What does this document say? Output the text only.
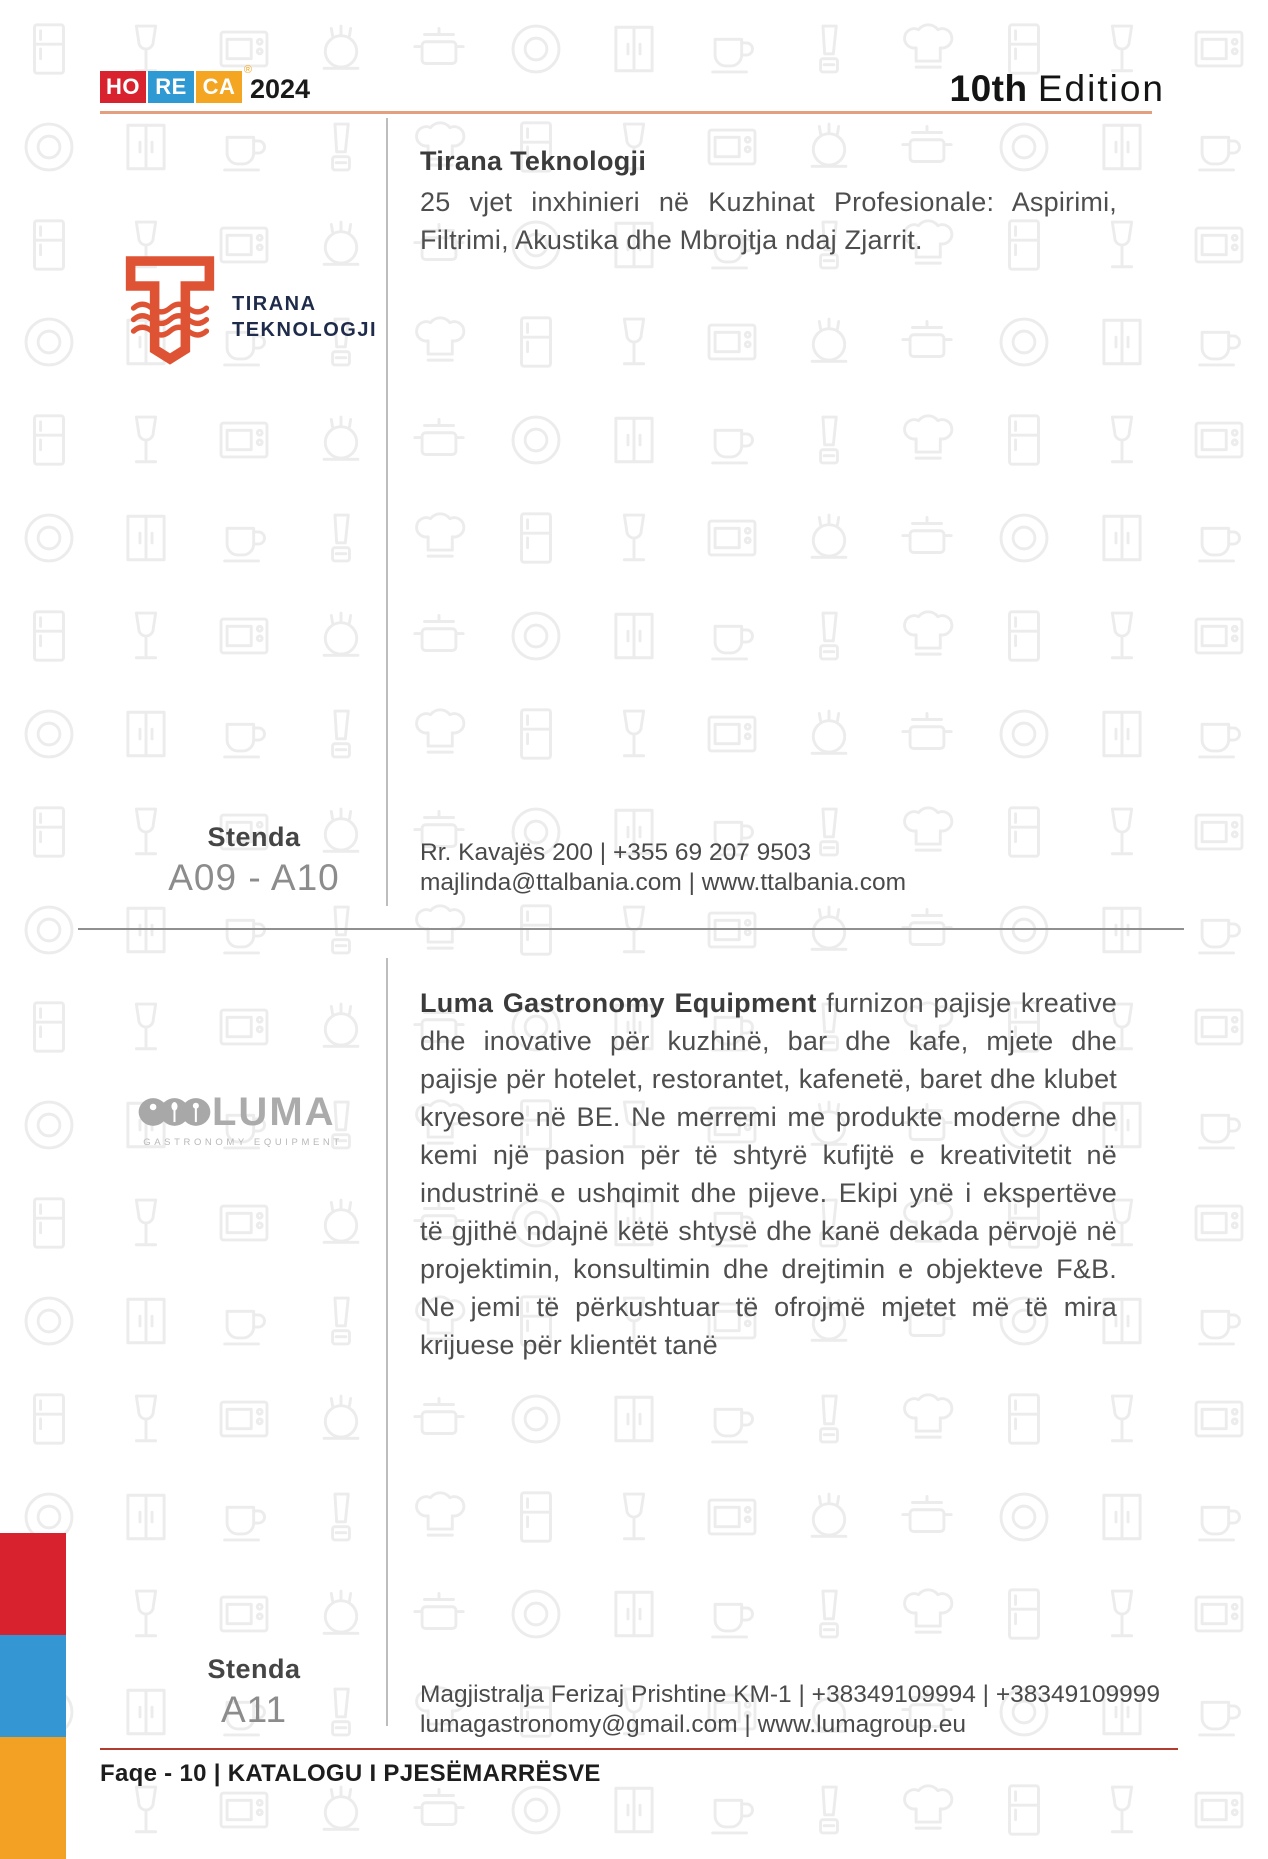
HO RE CA
®
2024	10th Edition
TIRANA
TEKNOLOGJI
Tirana Teknologji
25 vjet inxhinieri në Kuzhinat Profesionale: Aspirimi, Filtrimi, Akustika dhe Mbrojtja ndaj Zjarrit.
Stenda
A09 - A10
Rr. Kavajës 200 | +355 69 207 9503
majlinda@ttalbania.com | www.ttalbania.com
LUMA
GASTRONOMY EQUIPMENT
Luma Gastronomy Equipment furnizon pajisje kreative dhe inovative për kuzhinë, bar dhe kafe, mjete dhe pajisje për hotelet, restorantet, kafenetë, baret dhe klubet kryesore në BE. Ne merremi me produkte moderne dhe kemi një pasion për të shtyrë kufijtë e kreativitetit në industrinë e ushqimit dhe pijeve. Ekipi ynë i ekspertëve të gjithë ndajnë këtë shtysë dhe kanë dekada përvojë në projektimin, konsultimin dhe drejtimin e objekteve F&B. Ne jemi të përkushtuar të ofrojmë mjetet më të mira krijuese për klientët tanë
Stenda
A11	Magjistralja Ferizaj Prishtine KM-1 | +38349109994 | +38349109999
lumagastronomy@gmail.com | www.lumagroup.eu
Faqe - 10 | KATALOGU I PJESËMARRËSVE
